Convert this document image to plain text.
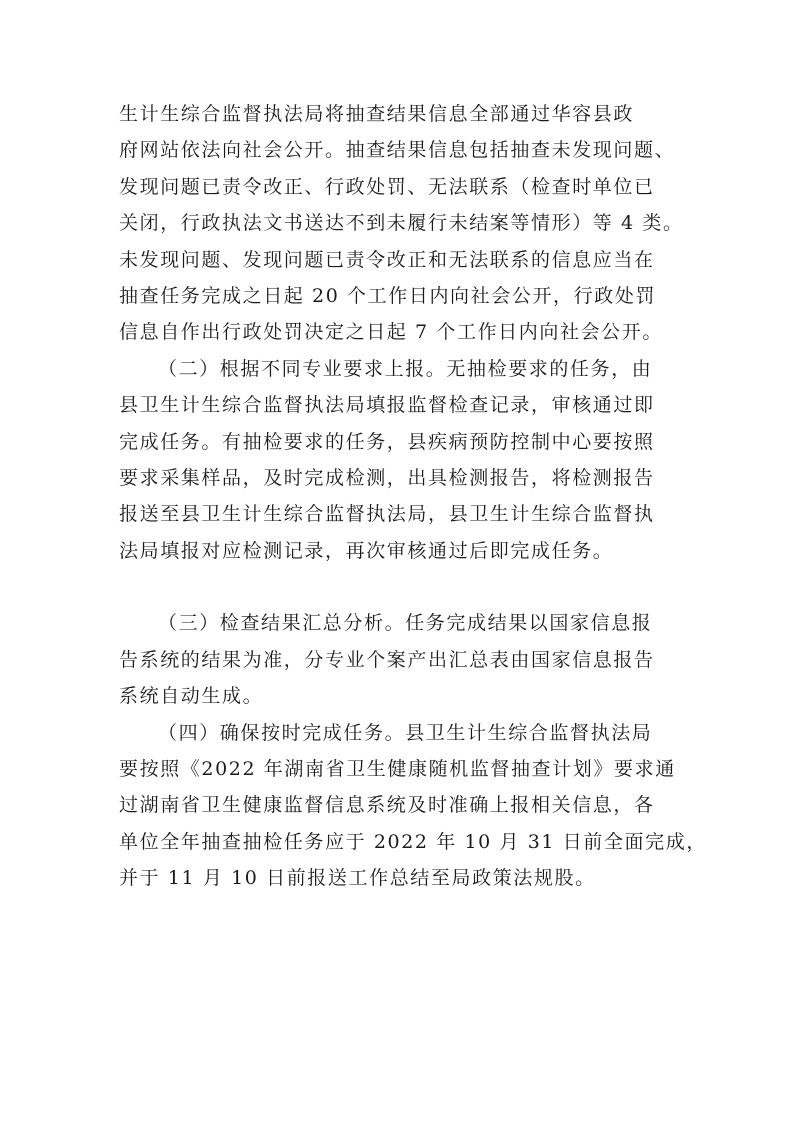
生计生综合监督执法局将抽查结果信息全部通过华容县政
府网站依法向社会公开。抽查结果信息包括抽查未发现问题、
发现问题已责令改正、行政处罚、无法联系（检查时单位已
关闭，行政执法文书送达不到未履行未结案等情形）等 4 类。
未发现问题、发现问题已责令改正和无法联系的信息应当在
抽查任务完成之日起 20 个工作日内向社会公开，行政处罚
信息自作出行政处罚决定之日起 7 个工作日内向社会公开。
（二）根据不同专业要求上报。无抽检要求的任务，由
县卫生计生综合监督执法局填报监督检查记录，审核通过即
完成任务。有抽检要求的任务，县疾病预防控制中心要按照
要求采集样品，及时完成检测，出具检测报告，将检测报告
报送至县卫生计生综合监督执法局，县卫生计生综合监督执
法局填报对应检测记录，再次审核通过后即完成任务。
（三）检查结果汇总分析。任务完成结果以国家信息报
告系统的结果为准，分专业个案产出汇总表由国家信息报告
系统自动生成。
（四）确保按时完成任务。县卫生计生综合监督执法局
要按照《2022 年湖南省卫生健康随机监督抽查计划》要求通
过湖南省卫生健康监督信息系统及时准确上报相关信息，各
单位全年抽查抽检任务应于 2022 年 10 月 31 日前全面完成，
并于 11 月 10 日前报送工作总结至局政策法规股。
